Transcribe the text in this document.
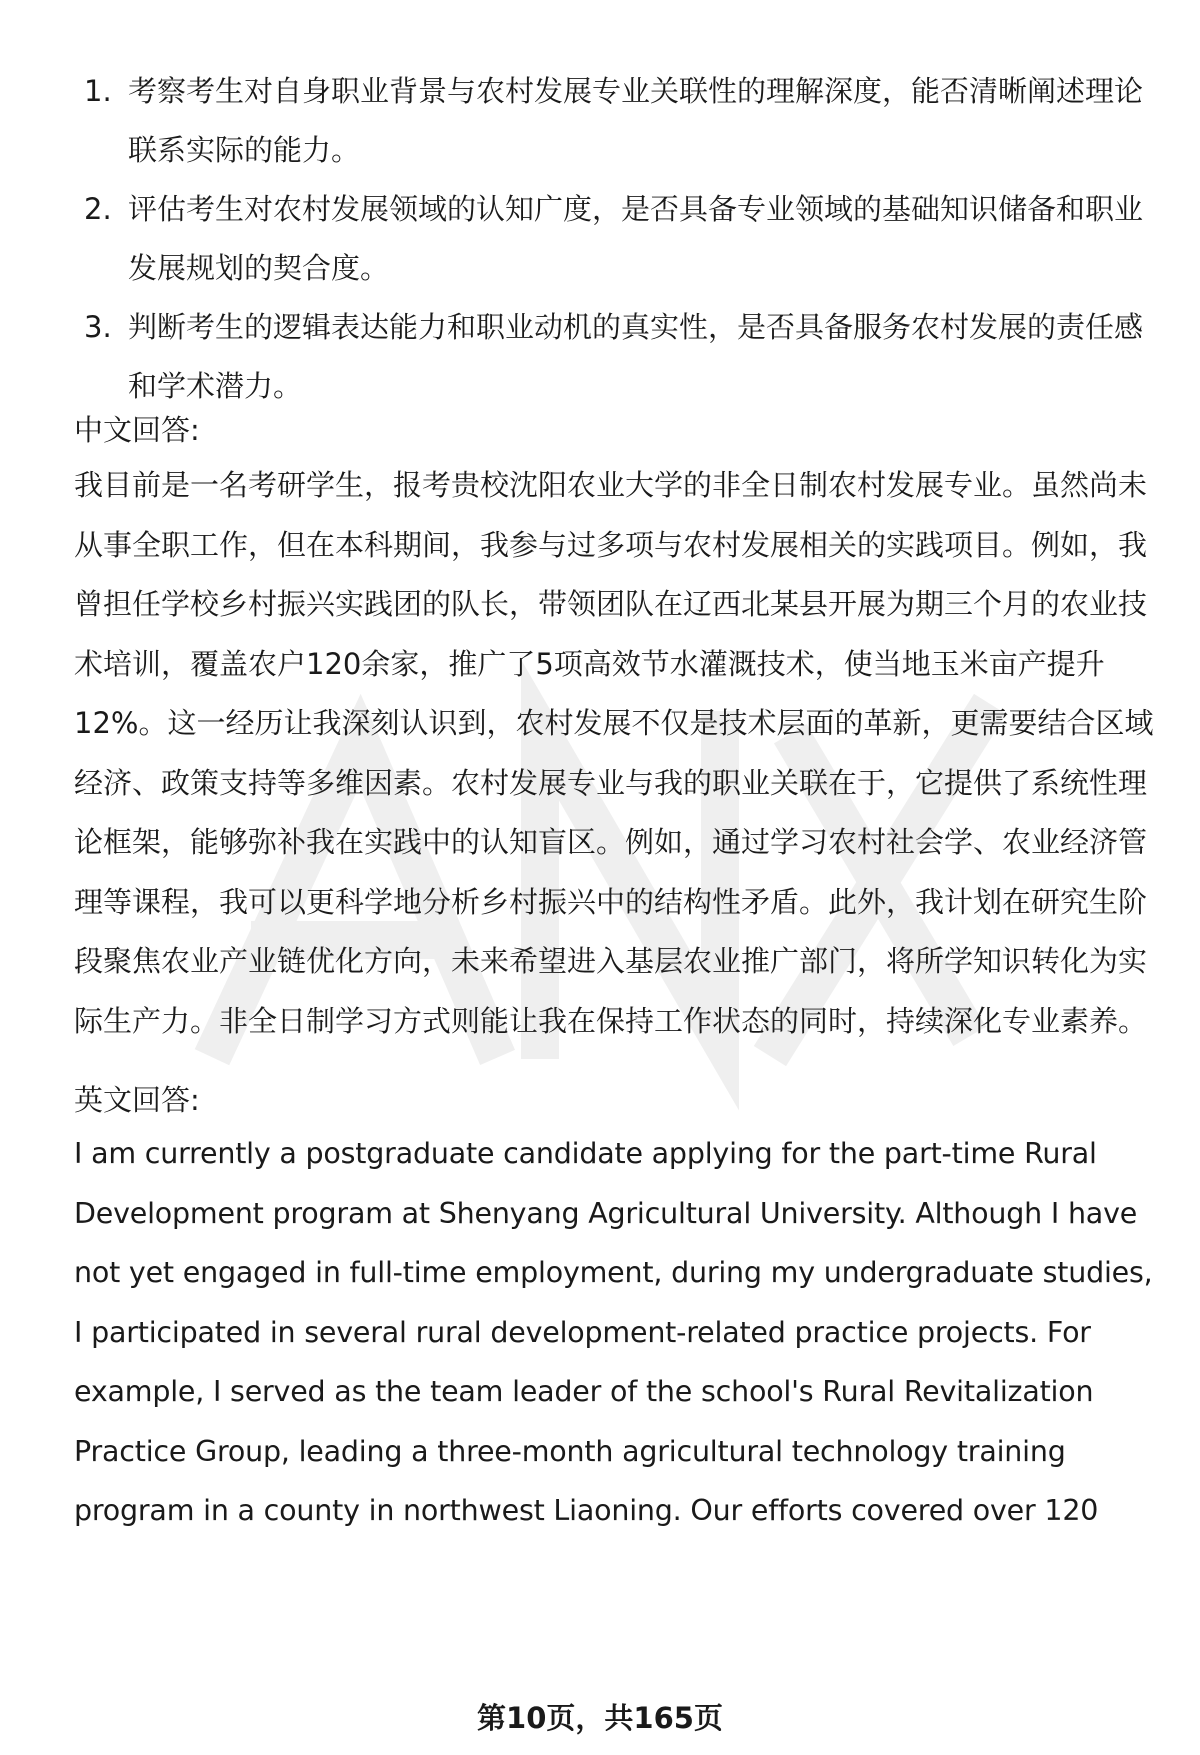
1. 考察考生对自身职业背景与农村发展专业关联性的理解深度，能否清晰阐述理论联系实际的能力。
2. 评估考生对农村发展领域的认知广度，是否具备专业领域的基础知识储备和职业发展规划的契合度。
3. 判断考生的逻辑表达能力和职业动机的真实性，是否具备服务农村发展的责任感和学术潜力。
中文回答:

我目前是一名考研学生，报考贵校沈阳农业大学的非全日制农村发展专业。虽然尚未从事全职工作，但在本科期间，我参与过多项与农村发展相关的实践项目。例如，我曾担任学校乡村振兴实践团的队长，带领团队在辽西北某县开展为期三个月的农业技术培训，覆盖农户120余家，推广了5项高效节水灌溉技术，使当地玉米亩产提升12%。这一经历让我深刻认识到，农村发展不仅是技术层面的革新，更需要结合区域经济、政策支持等多维因素。农村发展专业与我的职业关联在于，它提供了系统性理论框架，能够弥补我在实践中的认知盲区。例如，通过学习农村社会学、农业经济管理等课程，我可以更科学地分析乡村振兴中的结构性矛盾。此外，我计划在研究生阶段聚焦农业产业链优化方向，未来希望进入基层农业推广部门，将所学知识转化为实际生产力。非全日制学习方式则能让我在保持工作状态的同时，持续深化专业素养。

英文回答:

I am currently a postgraduate candidate applying for the part-time Rural Development program at Shenyang Agricultural University. Although I have not yet engaged in full-time employment, during my undergraduate studies, I participated in several rural development-related practice projects. For example, I served as the team leader of the school's Rural Revitalization Practice Group, leading a three-month agricultural technology training program in a county in northwest Liaoning. Our efforts covered over 120

第10页，共165页
